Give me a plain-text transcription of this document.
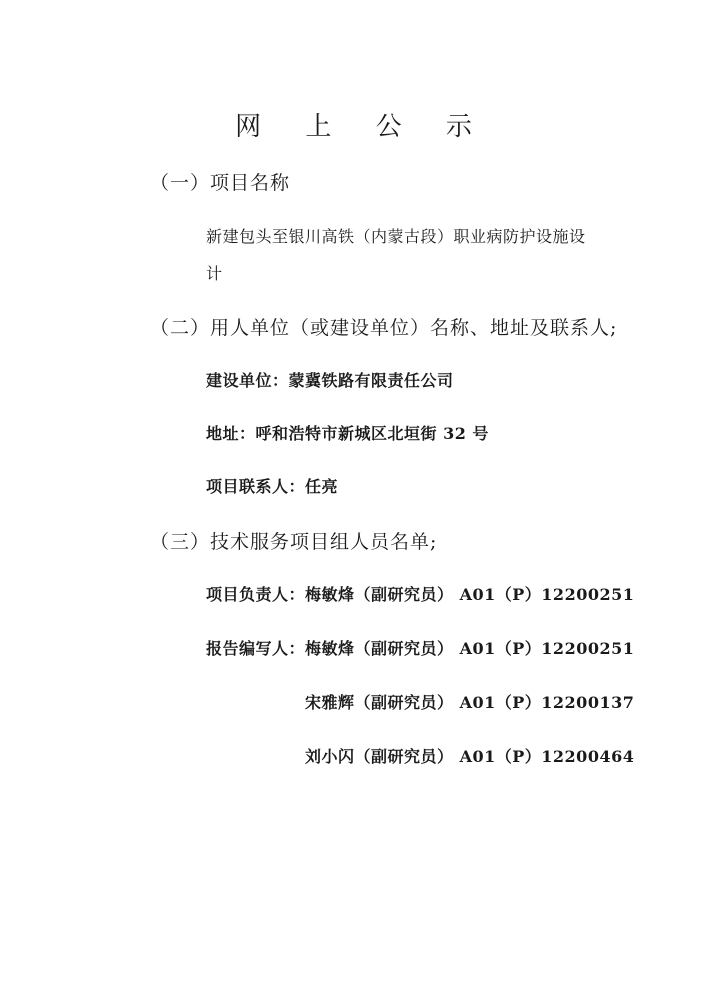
网 上 公 示
（一）项目名称
新建包头至银川高铁（内蒙古段）职业病防护设施设
计
（二）用人单位（或建设单位）名称、地址及联系人;
建设单位：蒙冀铁路有限责任公司
地址：呼和浩特市新城区北垣街 32 号
项目联系人：任亮
（三）技术服务项目组人员名单;
项目负责人：梅敏烽（副研究员） A01（P）12200251
报告编写人：梅敏烽（副研究员） A01（P）12200251
宋雅辉（副研究员） A01（P）12200137
刘小闪（副研究员） A01（P）12200464
